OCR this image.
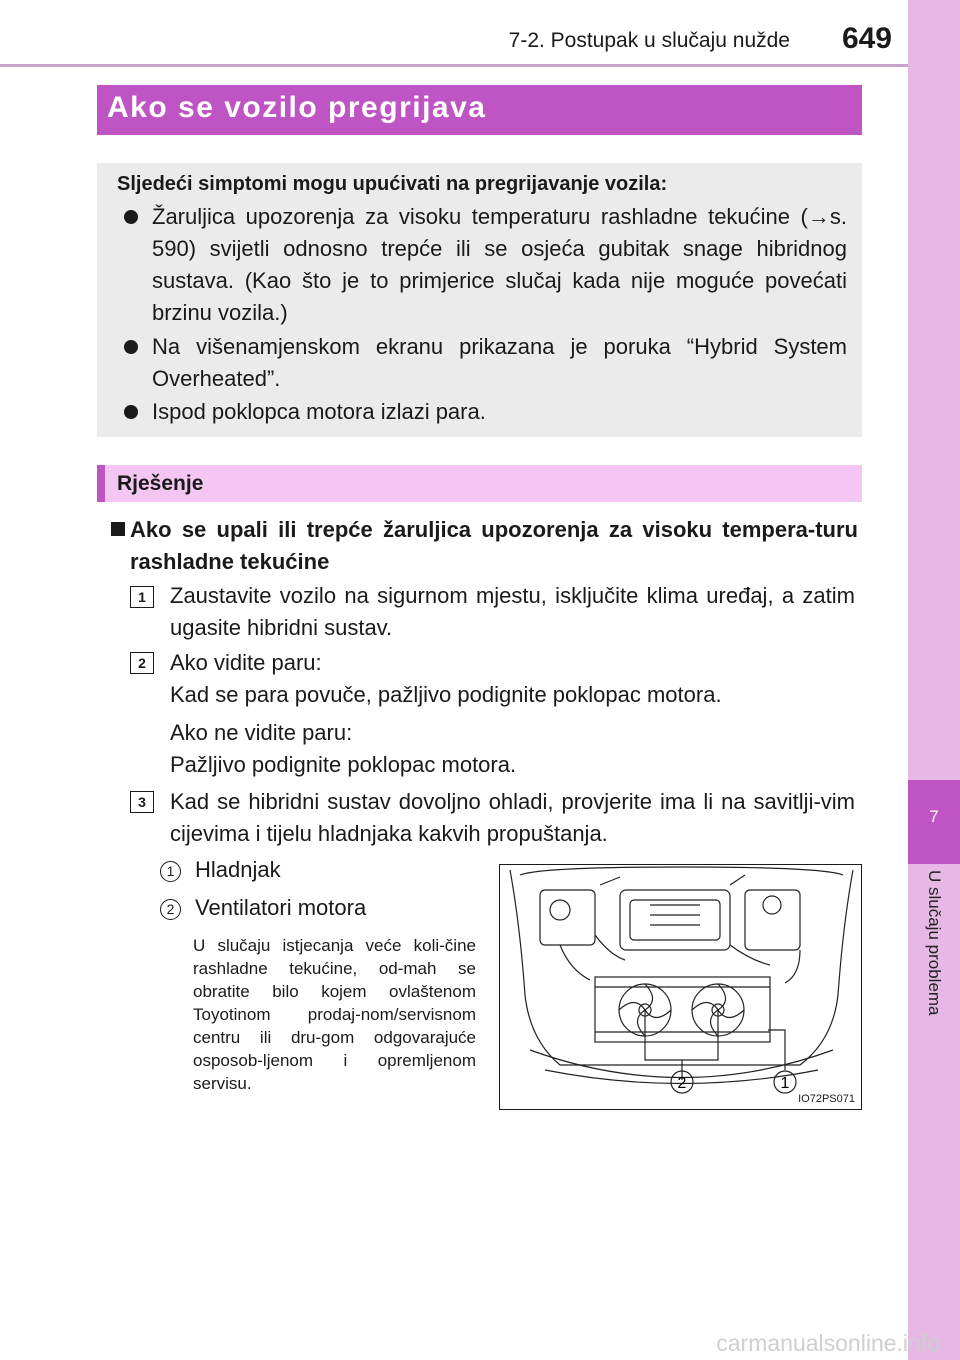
7-2. Postupak u slučaju nužde 649
7
U slučaju problema
Ako se vozilo pregrijava
Sljedeći simptomi mogu upućivati na pregrijavanje vozila:
Žaruljica upozorenja za visoku temperaturu rashladne tekućine (→s. 590) svijetli odnosno trepće ili se osjeća gubitak snage hibridnog sustava. (Kao što je to primjerice slučaj kada nije moguće povećati brzinu vozila.)
Na višenamjenskom ekranu prikazana je poruka “Hybrid System Overheated”.
Ispod poklopca motora izlazi para.
Rješenje
Ako se upali ili trepće žaruljica upozorenja za visoku tempera-turu rashladne tekućine
1	Zaustavite vozilo na sigurnom mjestu, isključite klima uređaj, a zatim ugasite hibridni sustav.
2	Ako vidite paru:
Kad se para povuče, pažljivo podignite poklopac motora.
Ako ne vidite paru:
Pažljivo podignite poklopac motora.
3	Kad se hibridni sustav dovoljno ohladi, provjerite ima li na savitlji-vim cijevima i tijelu hladnjaka kakvih propuštanja.
1 Hladnjak
2 Ventilatori motora
U slučaju istjecanja veće koli-čine rashladne tekućine, od-mah se obratite bilo kojem ovlaštenom Toyotinom prodaj-nom/servisnom centru ili dru-gom odgovarajuće osposob-ljenom i opremljenom servisu.	2	1
IO72PS071
carmanualsonline.info
